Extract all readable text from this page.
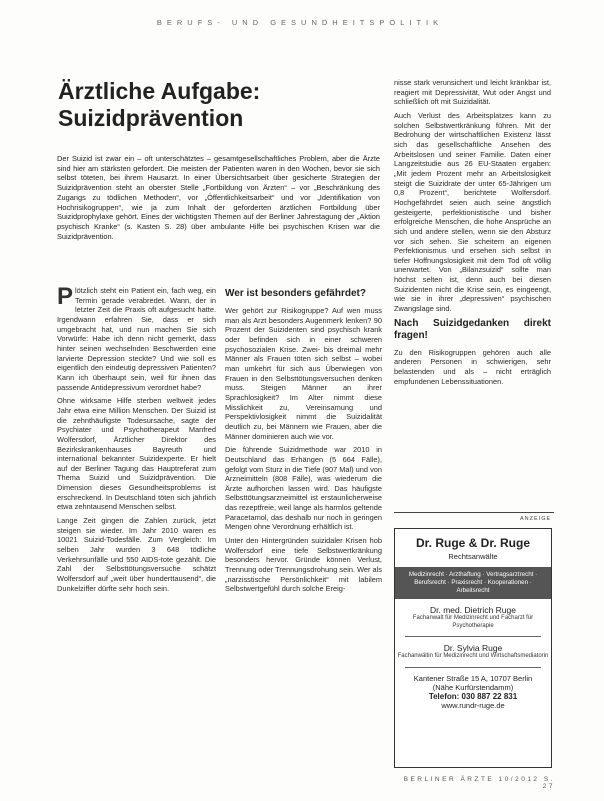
BERUFS- UND GESUNDHEITSPOLITIK
Ärztliche Aufgabe:
Suizidprävention

Der Suizid ist zwar ein – oft unterschätztes – gesamtgesellschaftliches Problem, aber die Ärzte sind hier am stärksten gefordert. Die meisten der Patienten waren in den Wochen, bevor sie sich selbst töteten, bei ihrem Hausarzt. In einer Übersichtsarbeit über gesicherte Strategien der Suizidprävention steht an oberster Stelle „Fortbildung von Ärzten“ – vor „Beschränkung des Zugangs zu tödlichen Methoden“, vor „Öffentlichkeitsarbeit“ und vor „Identifikation von Hochrisikogruppen“, wie ja zum Inhalt der geforderten ärztlichen Fortbildung über Suizidprophylaxe gehört. Eines der wichtigsten Themen auf der Berliner Jahrestagung der „Aktion psychisch Kranke“ (s. Kasten S. 28) über ambulante Hilfe bei psychischen Krisen war die Suizidprävention.

Plötzlich steht ein Patient ein, fach weg, ein Termin gerade verabredet. Wann, der in letzter Zeit die Praxis oft aufgesucht hatte. Irgendwann erfahren Sie, dass er sich umgebracht hat, und nun machen Sie sich Vorwürfe: Habe ich denn nicht gemerkt, dass hinter seinen wechselnden Beschwerden eine larvierte Depression steckte? Und wie soll es eigentlich den eindeutig depressiven Patienten? Kann ich überhaupt sein, weil für ihnen das passende Antidepressivum verordnet habe?

Ohne wirksame Hilfe sterben weltweit jedes Jahr etwa eine Million Menschen. Der Suizid ist die zehnthäufigste Todesursache, sagte der Psychiater und Psychotherapeut Manfred Wolfersdorf, Ärztlicher Direktor des Bezirkskrankenhauses Bayreuth und international bekannter Suizidexperte. Er hielt auf der Berliner Tagung das Hauptreferat zum Thema Suizid und Suizidprävention. Die Dimension dieses Gesundheitsproblems ist erschreckend. In Deutschland töten sich jährlich etwa zehntausend Menschen selbst.

Lange Zeit gingen die Zahlen zurück, jetzt steigen sie wieder. Im Jahr 2010 waren es 10021 Suizid-Todesfälle. Zum Vergleich: Im selben Jahr wurden 3 648 tödliche Verkehrsunfälle und 550 AIDS-tote gezählt. Die Zahl der Selbsttötungsversuche schätzt Wolfersdorf auf „weit über hunderttausend“, die Dunkelziffer dürfte sehr hoch sein.

Wer ist besonders gefährdet?

Wer gehört zur Risikogruppe? Auf wen muss man als Arzt besonders Augenmerk lenken? 90 Prozent der Suizidenten sind psychisch krank oder befinden sich in einer schweren psychosozialen Krise. Zwei- bis dreimal mehr Männer als Frauen töten sich selbst – wobei man umkehrt für sich aus Überwiegen von Frauen in den Selbsttötungsversuchen denken muss. Steigen Männer an ihrer Sprachlosigkeit? Im Alter nimmt diese Misslichkeit zu, Vereinsamung und Perspektivlosigkeit nimmt die Suizidalität deutlich zu, bei Männern wie Frauen, aber die Männer dominieren auch wie vor.

Die führende Suizidmethode war 2010 in Deutschland das Erhängen (5 664 Fälle), gefolgt vom Sturz in die Tiefe (907 Mal) und von Arzneimitteln (808 Fälle), was wiederum die Ärzte aufhorchen lassen wird. Das häufigste Selbsttötungsarzneimittel ist erstaunlicherweise das rezeptfreie, weil lange als harmlos geltende Paracetamol, das deshalb nur noch in geringen Mengen ohne Verordnung erhältlich ist.

Unter den Hintergründen suizidaler Krisen hob Wolfersdorf eine tiefe Selbstwertkränkung besonders hervor. Gründe können Verlust, Trennung oder Trennungsdrohung sein. Wer als „narzisstische Persönlichkeit“ mit labilem Selbstwertgefühl durch solche Ereig-

nisse stark verunsichert und leicht kränkbar ist, reagiert mit Depressivität, Wut oder Angst und schließlich oft mit Suizidalität.

Auch Verlust des Arbeitsplatzes kann zu solchen Selbstwertkränkung führen. Mit der Bedrohung der wirtschaftlichen Existenz lässt sich das gesellschaftliche Ansehen des Arbeitslosen und seiner Familie. Daten einer Langzeitstudie aus 26 EU-Staaten ergaben: „Mit jedem Prozent mehr an Arbeitslosigkeit steigt die Suizidrate der unter 65-Jährigen um 0,8 Prozent“, berichtete Wolfersdorf. Hochgefährdet seien auch seine ängstlich gesteigerte, perfektionistische und bisher erfolgreiche Menschen, die hohe Ansprüche an sich und andere stellen, wenn sie den Absturz vor sich sehen. Sie scheitern an eigenen Perfektionismus und ersehen sich selbst in tiefer Hoffnungslosigkeit mit dem Tod oft völlig unerwartet. Von „Bilanzsuizid“ sollte man höchst selten ist, denn auch bei diesen Suizidenten nicht die Krise sein, es eingeengt, wie sie in ihrer „depressiven“ psychischen Zwangslage sind.

Nach Suizidgedanken direkt fragen!

Zu den Risikogruppen gehören auch alle anderen Personen in schwierigen, sehr belastenden und als – nicht erträglich empfundenen Lebenssituationen.

ANZEIGE
Dr. Ruge & Dr. Ruge
Rechtsanwälte
Medizinrecht · Arzthaftung · Vertragsarztrecht · Berufsrecht · Praxisrecht · Kooperationen · Arbeitsrecht
Dr. med. Dietrich Ruge
Fachanwalt für Medizinrecht und Facharzt für Psychotherapie
Dr. Sylvia Ruge
Fachanwältin für Medizinrecht und Wirtschaftsmediatorin
Kantener Straße 15 A, 10707 Berlin
(Nähe Kurfürstendamm)
Telefon: 030 887 22 831
www.rundr-ruge.de
BERLINER ÄRZTE 10/2012 S. 27
